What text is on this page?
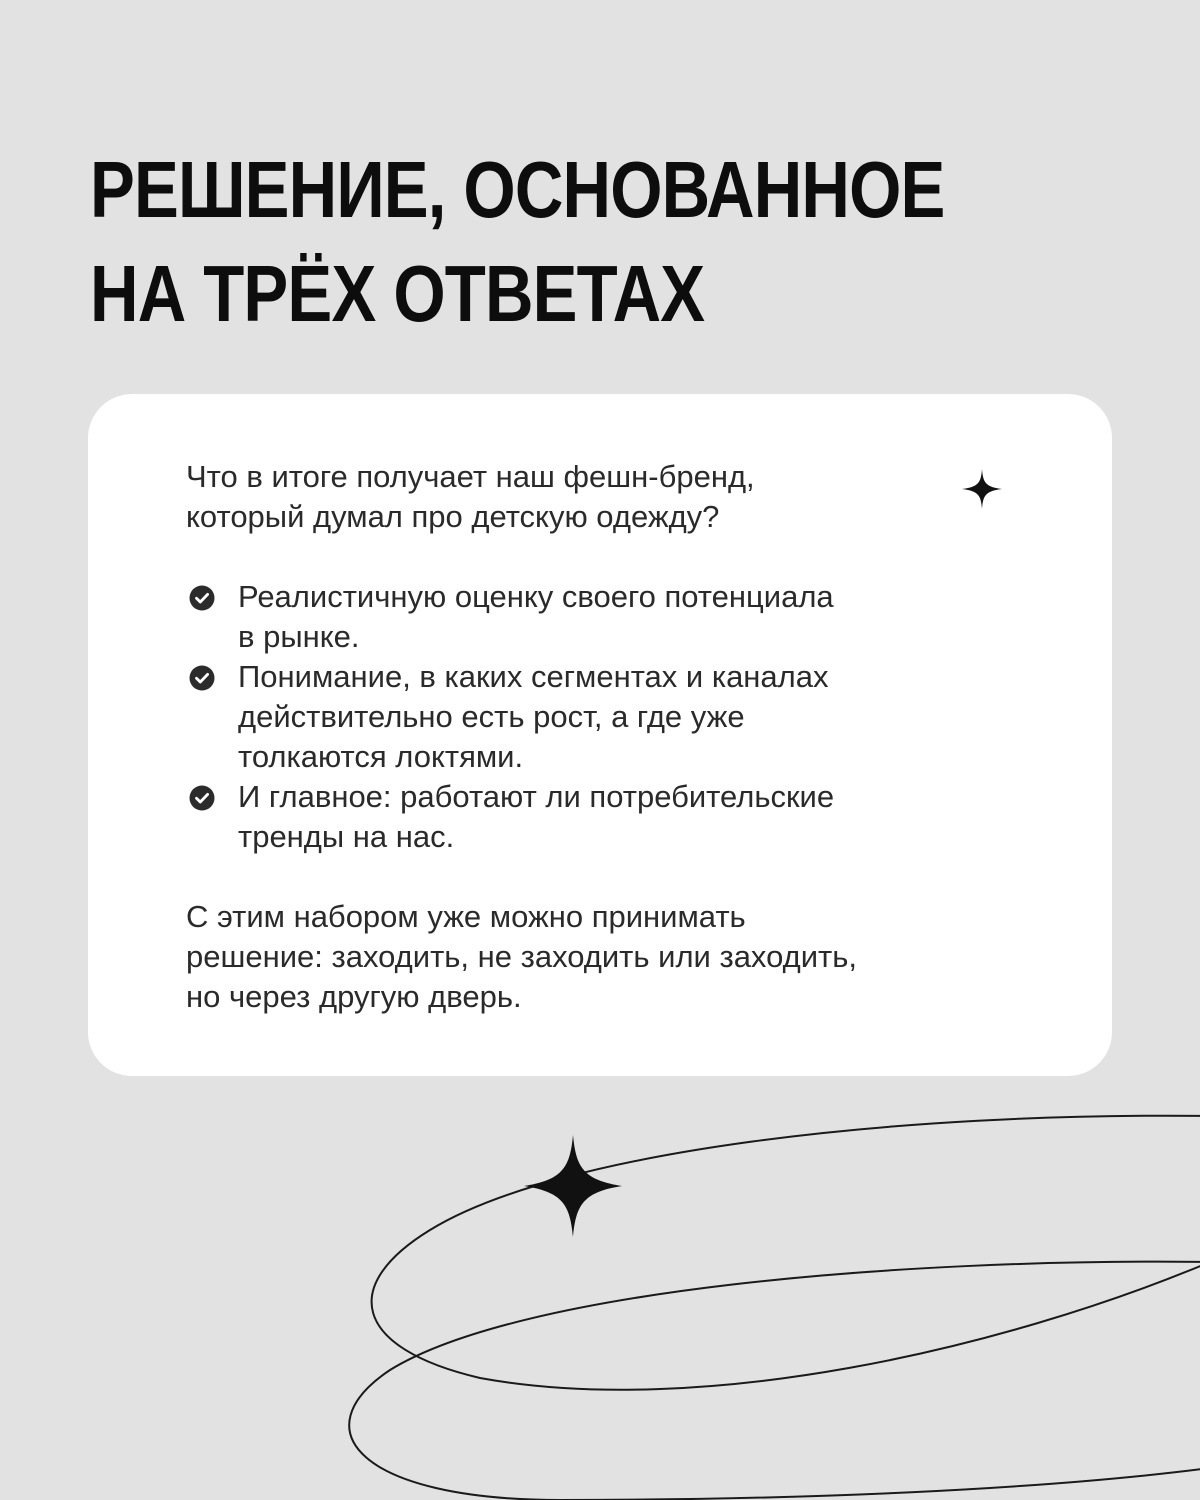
РЕШЕНИЕ, ОСНОВАННОЕ
НА ТРЁХ ОТВЕТАХ

Что в итоге получает наш фешн-бренд,
который думал про детскую одежду?

Реалистичную оценку своего потенциала
в рынке.
Понимание, в каких сегментах и каналах
действительно есть рост, а где уже
толкаются локтями.
И главное: работают ли потребительские
тренды на нас.

С этим набором уже можно принимать
решение: заходить, не заходить или заходить,
но через другую дверь.
